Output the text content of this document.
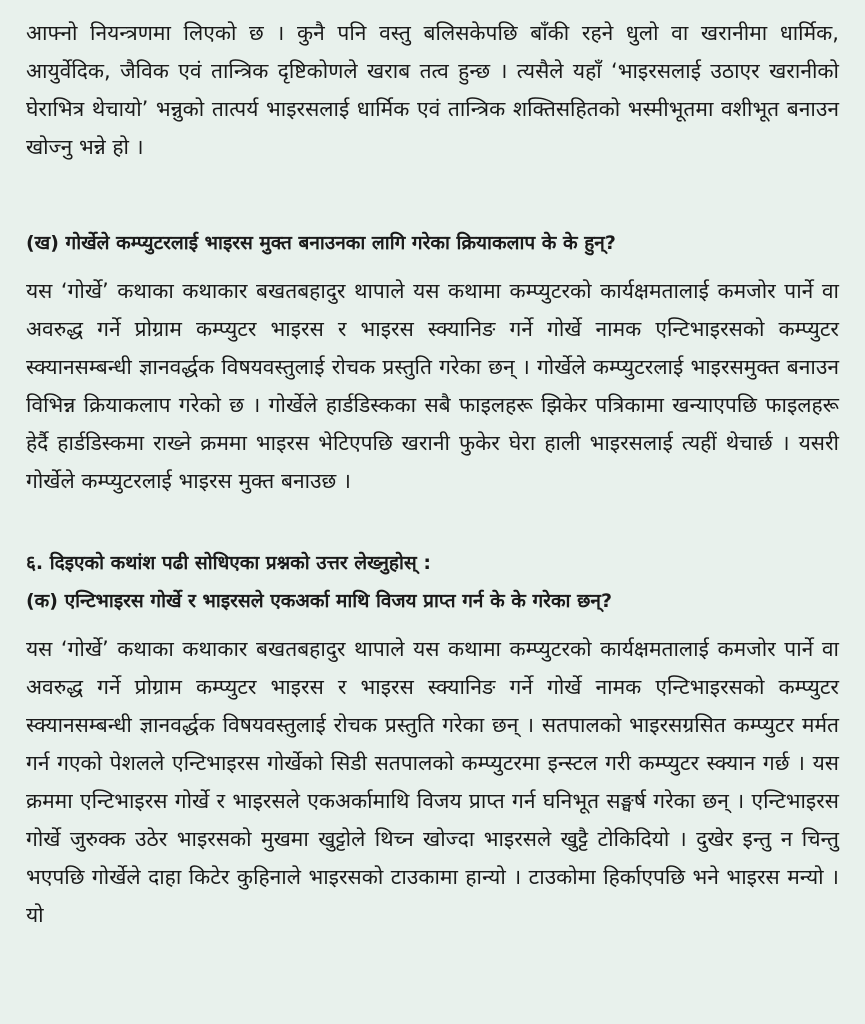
आफ्नो नियन्त्रणमा लिएको छ । कुनै पनि वस्तु बलिसकेपछि बाँकी रहने धुलो वा खरानीमा धार्मिक, आयुर्वेदिक, जैविक एवं तान्त्रिक दृष्टिकोणले खराब तत्व हुन्छ । त्यसैले यहाँ ‘भाइरसलाई उठाएर खरानीको घेराभित्र थेचायो’ भन्नुको तात्पर्य भाइरसलाई धार्मिक एवं तान्त्रिक शक्तिसहितको भस्मीभूतमा वशीभूत बनाउन खोज्नु भन्ने हो ।

(ख) गोर्खेले कम्प्युटरलाई भाइरस मुक्त बनाउनका लागि गरेका क्रियाकलाप के के हुन्?

यस ‘गोर्खे’ कथाका कथाकार बखतबहादुर थापाले यस कथामा कम्प्युटरको कार्यक्षमतालाई कमजोर पार्ने वा अवरुद्ध गर्ने प्रोग्राम कम्प्युटर भाइरस र भाइरस स्क्यानिङ गर्ने गोर्खे नामक एन्टिभाइरसको कम्प्युटर स्क्यानसम्बन्धी ज्ञानवर्द्धक विषयवस्तुलाई रोचक प्रस्तुति गरेका छन् । गोर्खेले कम्प्युटरलाई भाइरसमुक्त बनाउन विभिन्न क्रियाकलाप गरेको छ । गोर्खेले हार्डडिस्कका सबै फाइलहरू झिकेर पत्रिकामा खन्याएपछि फाइलहरू हेर्दै हार्डडिस्कमा राख्ने क्रममा भाइरस भेटिएपछि खरानी फुकेर घेरा हाली भाइरसलाई त्यहीं थेचार्छ । यसरी गोर्खेले कम्प्युटरलाई भाइरस मुक्त बनाउछ ।

६. दिइएको कथांश पढी सोधिएका प्रश्नको उत्तर लेख्नुहोस् :

(क) एन्टिभाइरस गोर्खे र भाइरसले एकअर्का माथि विजय प्राप्त गर्न के के गरेका छन्?

यस ‘गोर्खे’ कथाका कथाकार बखतबहादुर थापाले यस कथामा कम्प्युटरको कार्यक्षमतालाई कमजोर पार्ने वा अवरुद्ध गर्ने प्रोग्राम कम्प्युटर भाइरस र भाइरस स्क्यानिङ गर्ने गोर्खे नामक एन्टिभाइरसको कम्प्युटर स्क्यानसम्बन्धी ज्ञानवर्द्धक विषयवस्तुलाई रोचक प्रस्तुति गरेका छन् । सतपालको भाइरसग्रसित कम्प्युटर मर्मत गर्न गएको पेशलले एन्टिभाइरस गोर्खेको सिडी सतपालको कम्प्युटरमा इन्स्टल गरी कम्प्युटर स्क्यान गर्छ । यस क्रममा एन्टिभाइरस गोर्खे र भाइरसले एकअर्कामाथि विजय प्राप्त गर्न घनिभूत सङ्घर्ष गरेका छन् । एन्टिभाइरस गोर्खे जुरुक्क उठेर भाइरसको मुखमा खुट्टोले थिच्न खोज्दा भाइरसले खुट्टै टोकिदियो । दुखेर इन्तु न चिन्तु भएपछि गोर्खेले दाहा किटेर कुहिनाले भाइरसको टाउकामा हान्यो । टाउकोमा हिर्काएपछि भने भाइरस मन्यो । यो
